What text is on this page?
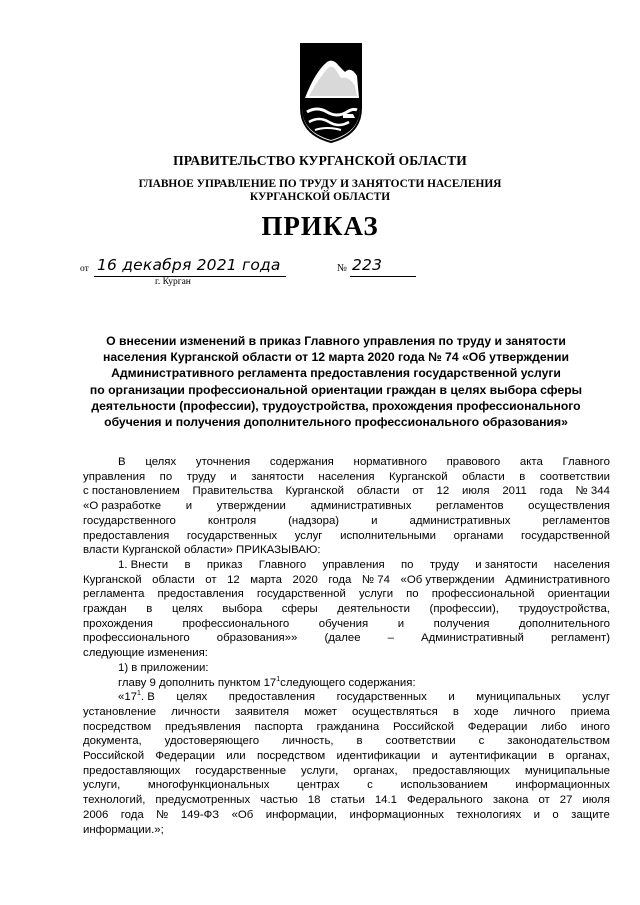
ПРАВИТЕЛЬСТВО КУРГАНСКОЙ ОБЛАСТИ
ГЛАВНОЕ УПРАВЛЕНИЕ ПО ТРУДУ И ЗАНЯТОСТИ НАСЕЛЕНИЯ
КУРГАНСКОЙ ОБЛАСТИ
ПРИКАЗ
от 16 декабря 2021 года	№ 223
г. Курган
О внесении изменений в приказ Главного управления по труду и занятости
населения Курганской области от 12 марта 2020 года № 74 «Об утверждении
Административного регламента предоставления государственной услуги
по организации профессиональной ориентации граждан в целях выбора сферы
деятельности (профессии), трудоустройства, прохождения профессионального
обучения и получения дополнительного профессионального образования»
В целях уточнения содержания нормативного правового акта Главного
управления по труду и занятости населения Курганской области в соответствии
с постановлением Правительства Курганской области от 12 июля 2011 года № 344
«О разработке и утверждении административных регламентов осуществления
государственного	контроля	(надзора)	и	административных	регламентов
предоставления государственных услуг исполнительными органами государственной
власти Курганской области» ПРИКАЗЫВАЮ:
1. Внести в приказ Главного управления по труду и занятости населения
Курганской области от 12 марта 2020 года № 74 «Об утверждении Административного
регламента предоставления государственной услуги по профессиональной ориентации
граждан в целях выбора сферы деятельности (профессии), трудоустройства,
прохождения	профессионального	обучения	и	получения	дополнительного
профессионального образования»» (далее – Административный регламент)
следующие изменения:
1) в приложении:
главу 9 дополнить пунктом 171следующего содержания:
«171. В целях предоставления государственных и муниципальных услуг
установление личности заявителя может осуществляться в ходе личного приема
посредством предъявления паспорта гражданина Российской Федерации либо иного
документа, удостоверяющего личность, в соответствии с законодательством
Российской Федерации или посредством идентификации и аутентификации в органах,
предоставляющих государственные услуги, органах, предоставляющих муниципальные
услуги, многофункциональных центрах с использованием информационных
технологий, предусмотренных частью 18 статьи 14.1 Федерального закона от 27 июля
2006 года № 149-ФЗ «Об информации, информационных технологиях и о защите
информации.»;
